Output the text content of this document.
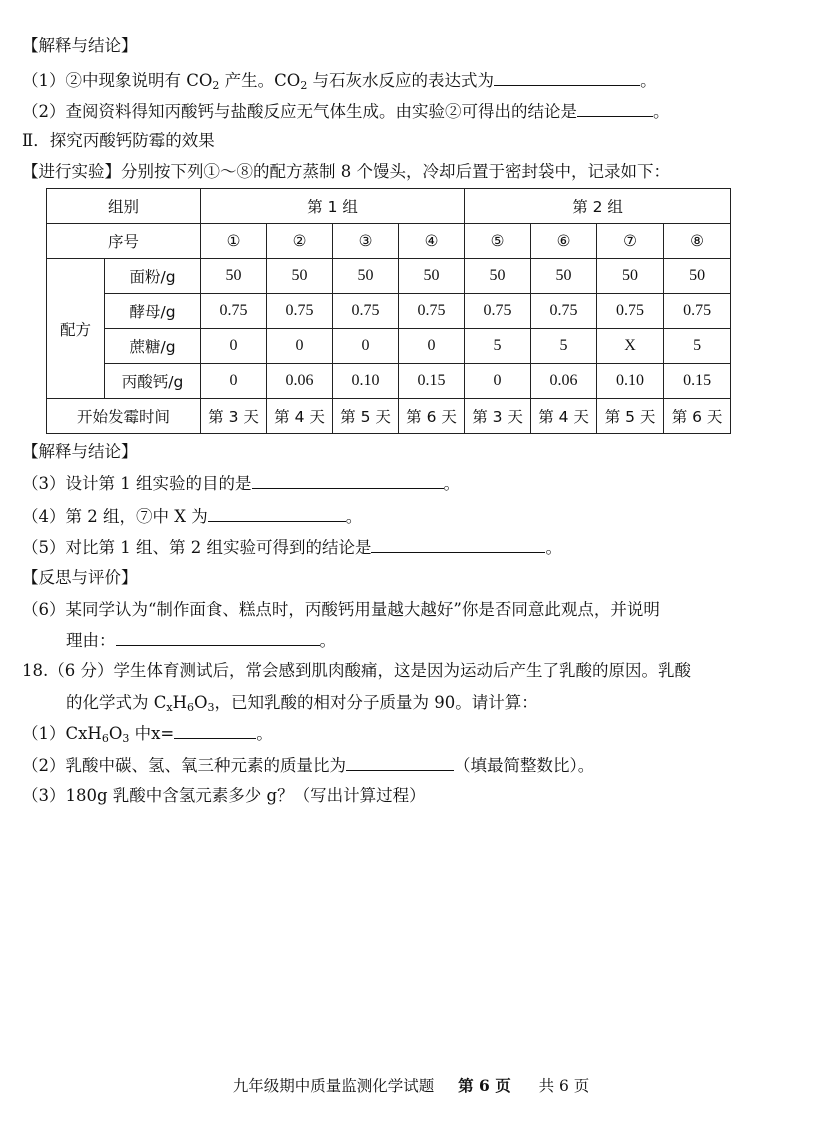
【解释与结论】
（1）②中现象说明有 $CO_2$ 产生。$CO_2$ 与石灰水反应的表达式为	。
（2）查阅资料得知丙酸钙与盐酸反应无气体生成。由实验②可得出的结论是	。
Ⅱ．探究丙酸钙防霉的效果
【进行实验】分别按下列①～⑧的配方蒸制 8 个馒头，冷却后置于密封袋中，记录如下：
组别		第 1 组				第 2 组			
序号		①	②	③	④	⑤	⑥	⑦	⑧
配方	面粉/g	50	50	50	50	50	50	50	50
	酵母/g	0.75	0.75	0.75	0.75	0.75	0.75	0.75	0.75
	蔗糖/g	0	0	0	0	5	5	X	5
	丙酸钙/g	0	0.06	0.10	0.15	0	0.06	0.10	0.15
开始发霉时间		第 3 天	第 4 天	第 5 天	第 6 天	第 3 天	第 4 天	第 5 天	第 6 天
【解释与结论】
（3）设计第 1 组实验的目的是	。
（4）第 2 组，⑦中 X 为	。
（5）对比第 1 组、第 2 组实验可得到的结论是	。
【反思与评价】
（6）某同学认为“制作面食、糕点时，丙酸钙用量越大越好”你是否同意此观点，并说明
理由：	。
18.（6 分）学生体育测试后，常会感到肌肉酸痛，这是因为运动后产生了乳酸的原因。乳酸
的化学式为 $C_xH_6O_3$，已知乳酸的相对分子质量为 90。请计算：
$(1)CxH_6O_3$ 中x=	。
（2）乳酸中碳、氢、氧三种元素的质量比为	（填最简整数比）。
（3）180g 乳酸中含氢元素多少 g？（写出计算过程）
九年级期中质量监测化学试题 第 6 页 共 6 页
